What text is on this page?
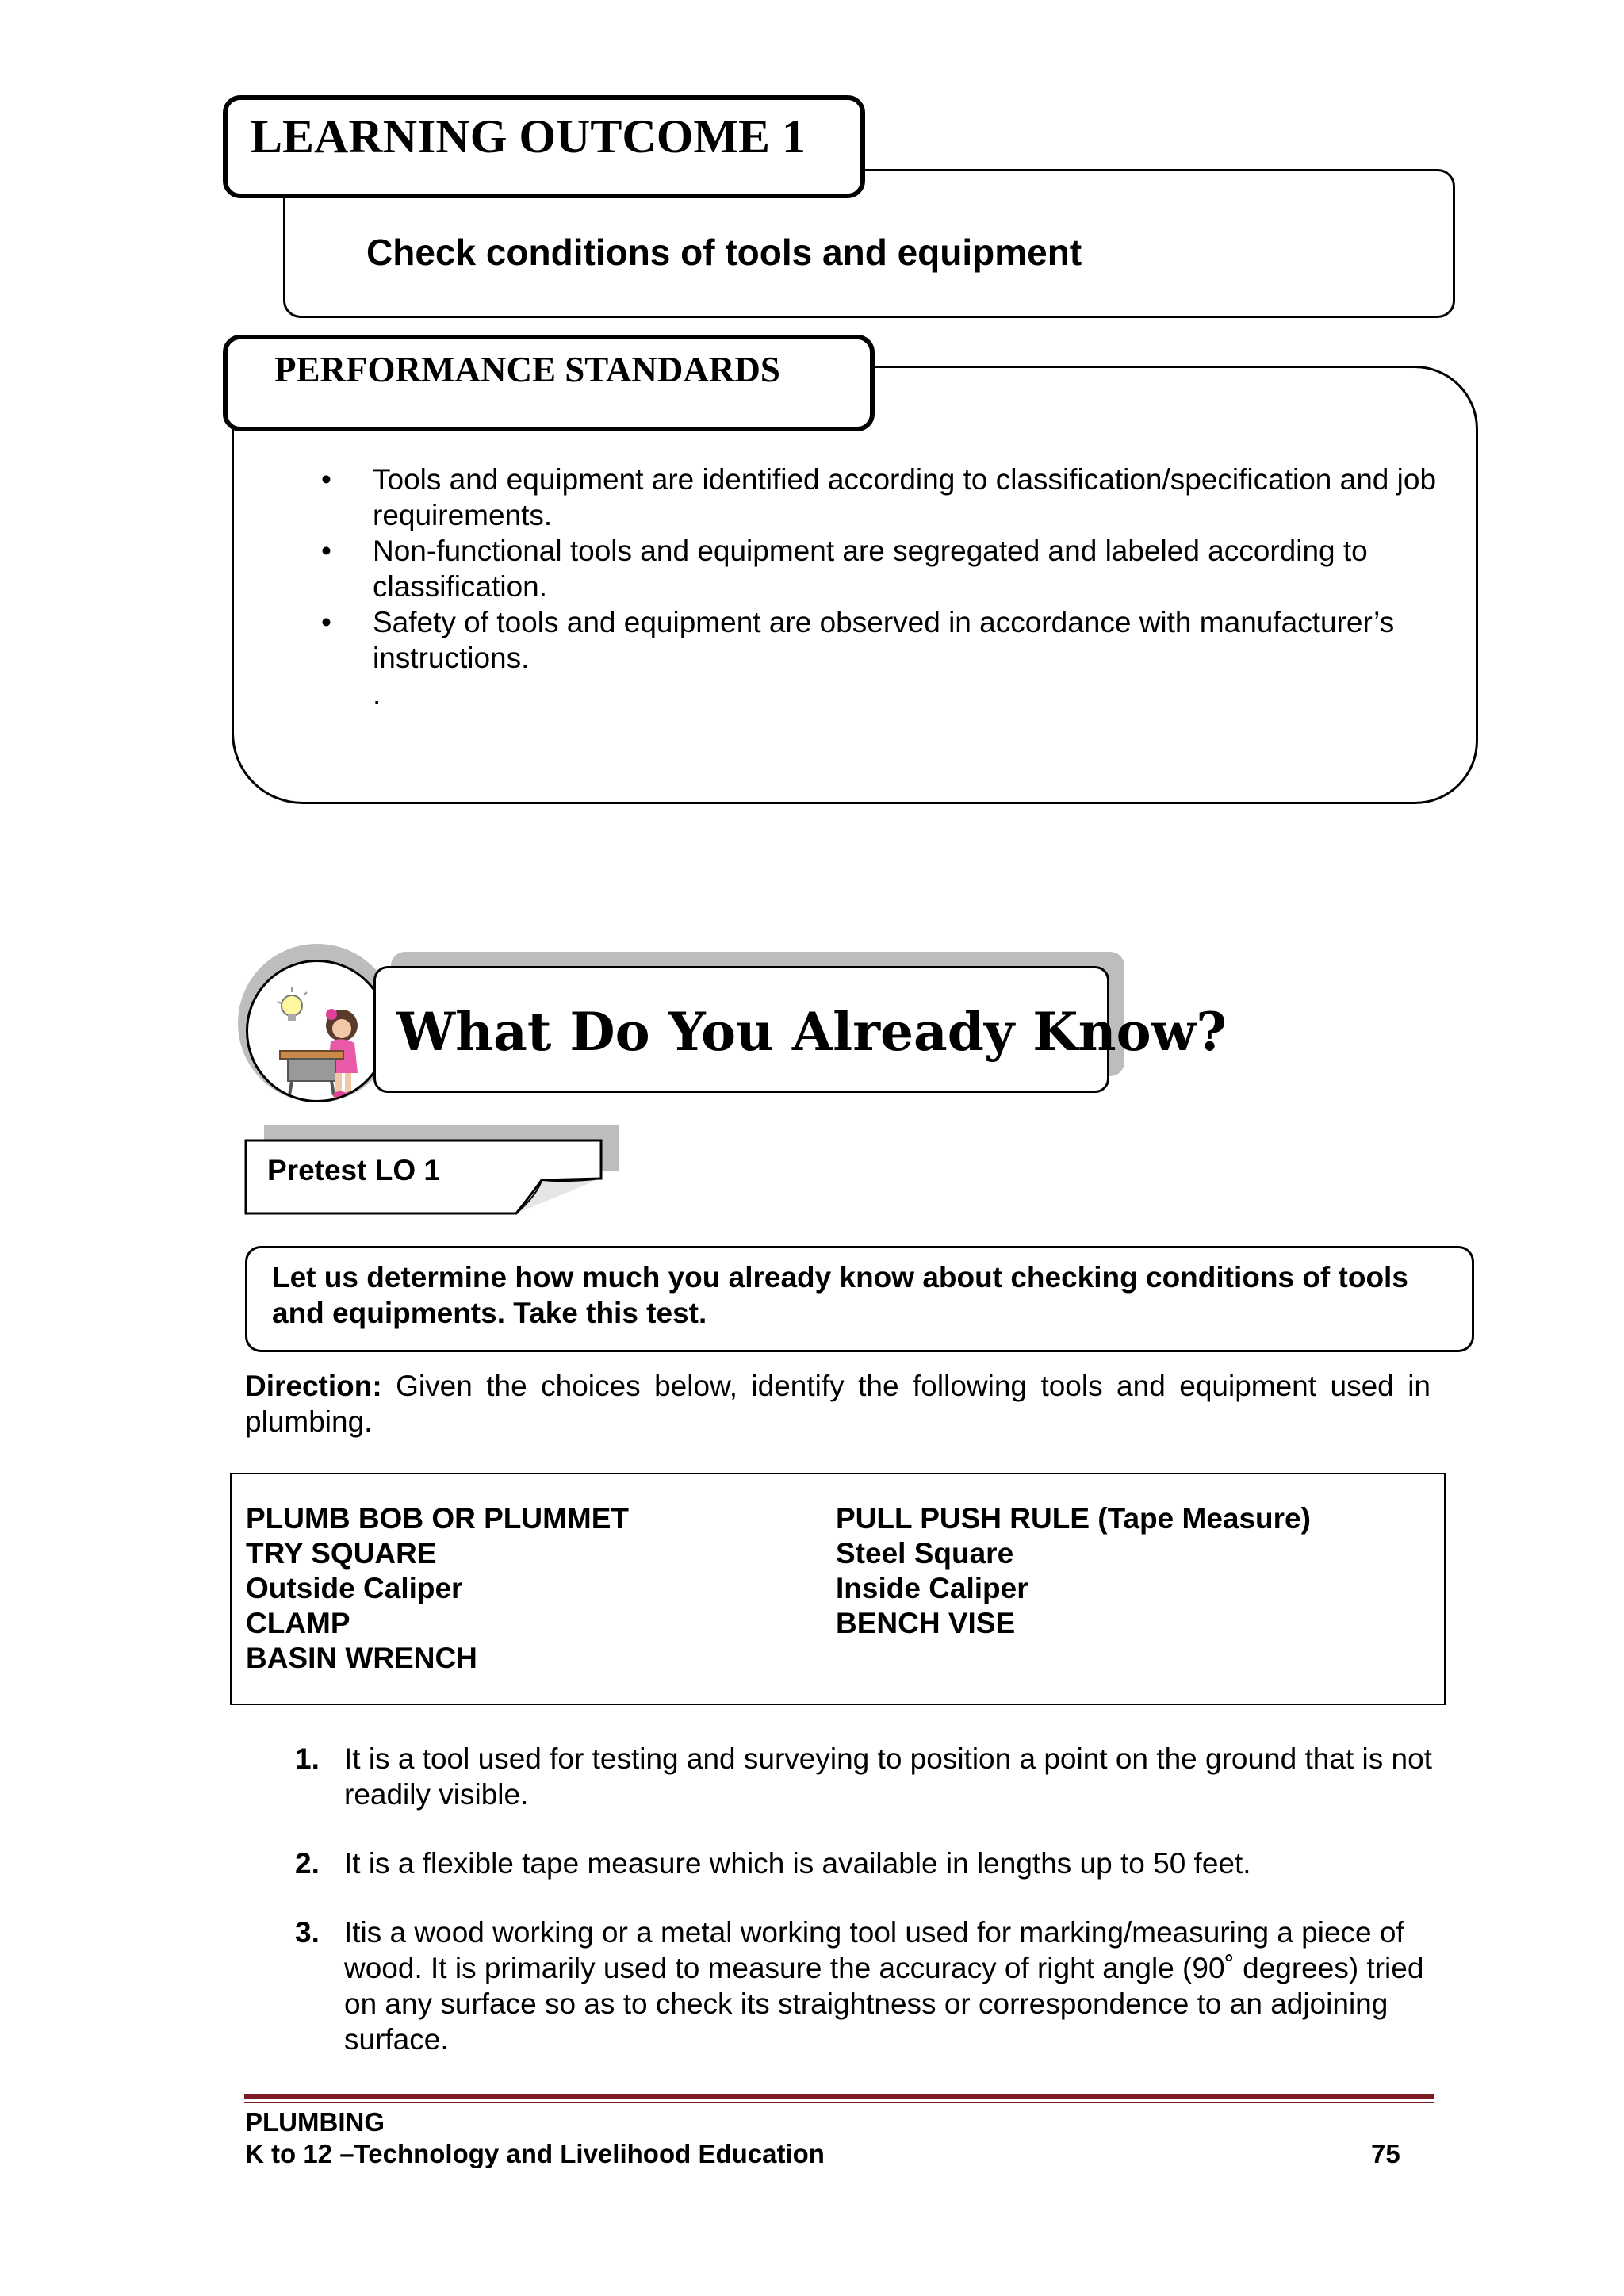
Check conditions of tools and equipment
LEARNING OUTCOME 1
PERFORMANCE STANDARDS
• Tools and equipment are identified according to classification/specification and job requirements.
• Non-functional tools and equipment are segregated and labeled according to classification.
• Safety of tools and equipment are observed in accordance with manufacturer’s instructions.
.
What Do You Already Know?
Pretest LO 1
Let us determine how much you already know about checking conditions of tools and equipments. Take this test.
Direction: Given the choices below, identify the following tools and equipment used in plumbing.
PLUMB BOB OR PLUMMET
TRY SQUARE
Outside Caliper
CLAMP
BASIN WRENCH
PULL PUSH RULE (Tape Measure)
Steel Square
Inside Caliper
BENCH VISE
1. It is a tool used for testing and surveying to position a point on the ground that is not readily visible.
2. It is a flexible tape measure which is available in lengths up to 50 feet.
3. Itis a wood working or a metal working tool used for marking/measuring a piece of wood. It is primarily used to measure the accuracy of right angle (90˚ degrees) tried on any surface so as to check its straightness or correspondence to an adjoining surface.
PLUMBING
K to 12 –Technology and Livelihood Education	75
